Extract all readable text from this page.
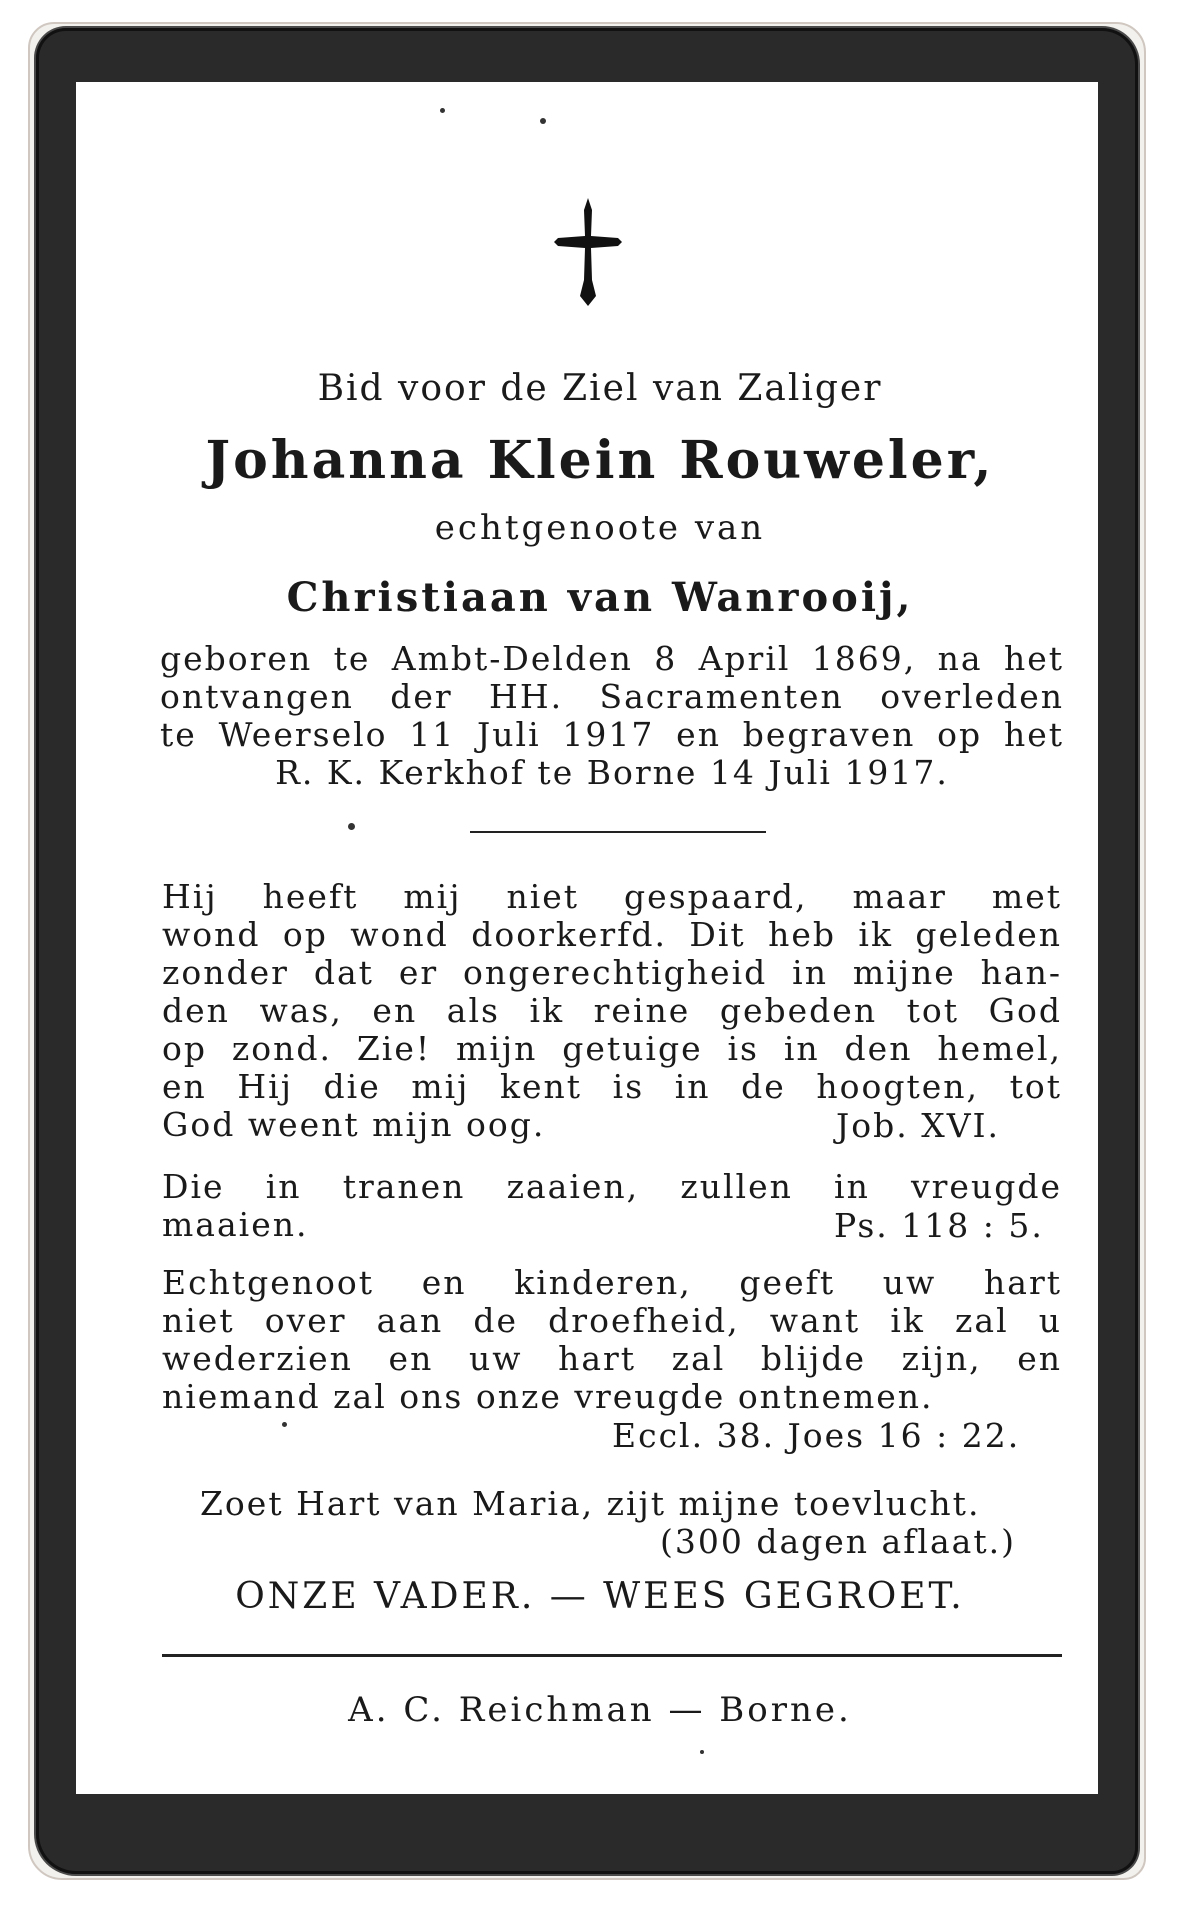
Bid voor de Ziel van Zaliger
Johanna Klein Rouweler,
echtgenoote van
Christiaan van Wanrooij,
geboren te Ambt-Delden 8 April 1869, na het
ontvangen der HH. Sacramenten overleden
te Weerselo 11 Juli 1917 en begraven op het
R. K. Kerkhof te Borne 14 Juli 1917.
Hij heeft mij niet gespaard, maar met
wond op wond doorkerfd. Dit heb ik geleden
zonder dat er ongerechtigheid in mijne han-
den was, en als ik reine gebeden tot God
op zond. Zie! mijn getuige is in den hemel,
en Hij die mij kent is in de hoogten, tot
God weent mijn oog.	Job. XVI.
Die in tranen zaaien, zullen in vreugde
maaien.	Ps. 118 : 5.
Echtgenoot en kinderen, geeft uw hart
niet over aan de droefheid, want ik zal u
wederzien en uw hart zal blijde zijn, en
niemand zal ons onze vreugde ontnemen.
Eccl. 38. Joes 16 : 22.
Zoet Hart van Maria, zijt mijne toevlucht.
(300 dagen aflaat.)
ONZE VADER. — WEES GEGROET.
A. C. Reichman — Borne.
